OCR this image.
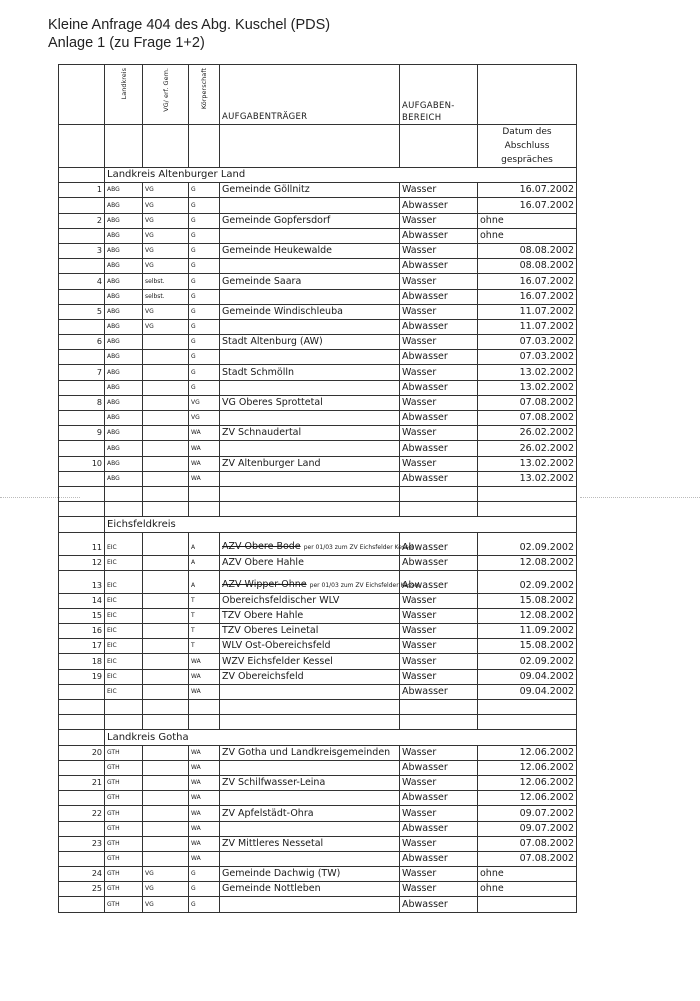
Kleine Anfrage 404 des Abg. Kuschel (PDS)
Anlage 1 (zu Frage 1+2)
	Landkreis	VG/ erf. Gem.	Körperschaft	AUFGABENTRÄGER	AUFGABEN-BEREICH	
						Datum des Abschluss gespräches
	Landkreis Altenburger Land					
1	ABG	VG	G	Gemeinde Göllnitz	Wasser	16.07.2002
	ABG	VG	G		Abwasser	16.07.2002
2	ABG	VG	G	Gemeinde Gopfersdorf	Wasser	ohne
	ABG	VG	G		Abwasser	ohne
3	ABG	VG	G	Gemeinde Heukewalde	Wasser	08.08.2002
	ABG	VG	G		Abwasser	08.08.2002
4	ABG	selbst.	G	Gemeinde Saara	Wasser	16.07.2002
	ABG	selbst.	G		Abwasser	16.07.2002
5	ABG	VG	G	Gemeinde Windischleuba	Wasser	11.07.2002
	ABG	VG	G		Abwasser	11.07.2002
6	ABG		G	Stadt Altenburg (AW)	Wasser	07.03.2002
	ABG		G		Abwasser	07.03.2002
7	ABG		G	Stadt Schmölln	Wasser	13.02.2002
	ABG		G		Abwasser	13.02.2002
8	ABG		VG	VG Oberes Sprottetal	Wasser	07.08.2002
	ABG		VG		Abwasser	07.08.2002
9	ABG		WA	ZV Schnaudertal	Wasser	26.02.2002
	ABG		WA		Abwasser	26.02.2002
10	ABG		WA	ZV Altenburger Land	Wasser	13.02.2002
	ABG		WA		Abwasser	13.02.2002

	Eichsfeldkreis					
11	EIC		A	AZV Obere Bode per 01/03 zum ZV Eichsfelder Kessel	Abwasser	02.09.2002
12	EIC		A	AZV Obere Hahle	Abwasser	12.08.2002
13	EIC		A	AZV Wipper-Ohne per 01/03 zum ZV Eichsfelder Kessel	Abwasser	02.09.2002
14	EIC		T	Obereichsfeldischer WLV	Wasser	15.08.2002
15	EIC		T	TZV Obere Hahle	Wasser	12.08.2002
16	EIC		T	TZV Oberes Leinetal	Wasser	11.09.2002
17	EIC		T	WLV Ost-Obereichsfeld	Wasser	15.08.2002
18	EIC		WA	WZV Eichsfelder Kessel	Wasser	02.09.2002
19	EIC		WA	ZV Obereichsfeld	Wasser	09.04.2002
	EIC		WA		Abwasser	09.04.2002

	Landkreis Gotha					
20	GTH		WA	ZV Gotha und Landkreisgemeinden	Wasser	12.06.2002
	GTH		WA		Abwasser	12.06.2002
21	GTH		WA	ZV Schilfwasser-Leina	Wasser	12.06.2002
	GTH		WA		Abwasser	12.06.2002
22	GTH		WA	ZV Apfelstädt-Ohra	Wasser	09.07.2002
	GTH		WA		Abwasser	09.07.2002
23	GTH		WA	ZV Mittleres Nessetal	Wasser	07.08.2002
	GTH		WA		Abwasser	07.08.2002
24	GTH	VG	G	Gemeinde Dachwig (TW)	Wasser	ohne
25	GTH	VG	G	Gemeinde Nottleben	Wasser	ohne
	GTH	VG	G		Abwasser	
